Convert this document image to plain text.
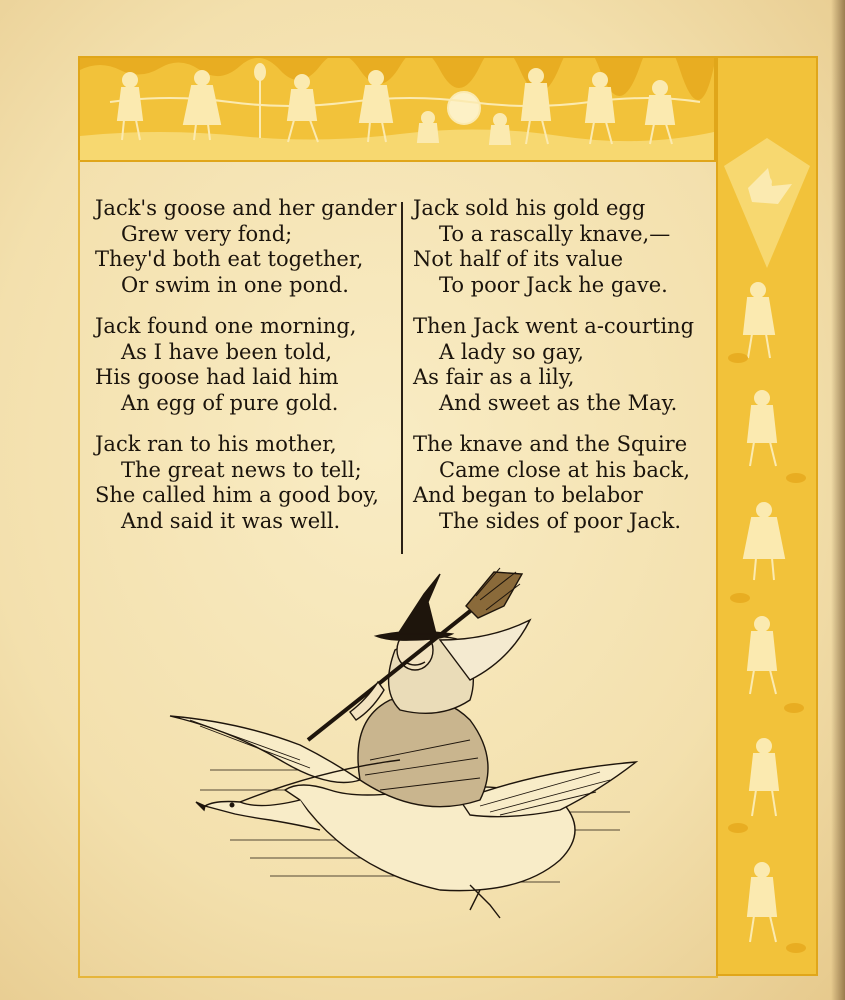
Jack's goose and her gander
Grew very fond;
They'd both eat together,
Or swim in one pond.
Jack found one morning,
As I have been told,
His goose had laid him
An egg of pure gold.
Jack ran to his mother,
The great news to tell;
She called him a good boy,
And said it was well.
Jack sold his gold egg
To a rascally knave,—
Not half of its value
To poor Jack he gave.
Then Jack went a-courting
A lady so gay,
As fair as a lily,
And sweet as the May.
The knave and the Squire
Came close at his back,
And began to belabor
The sides of poor Jack.
